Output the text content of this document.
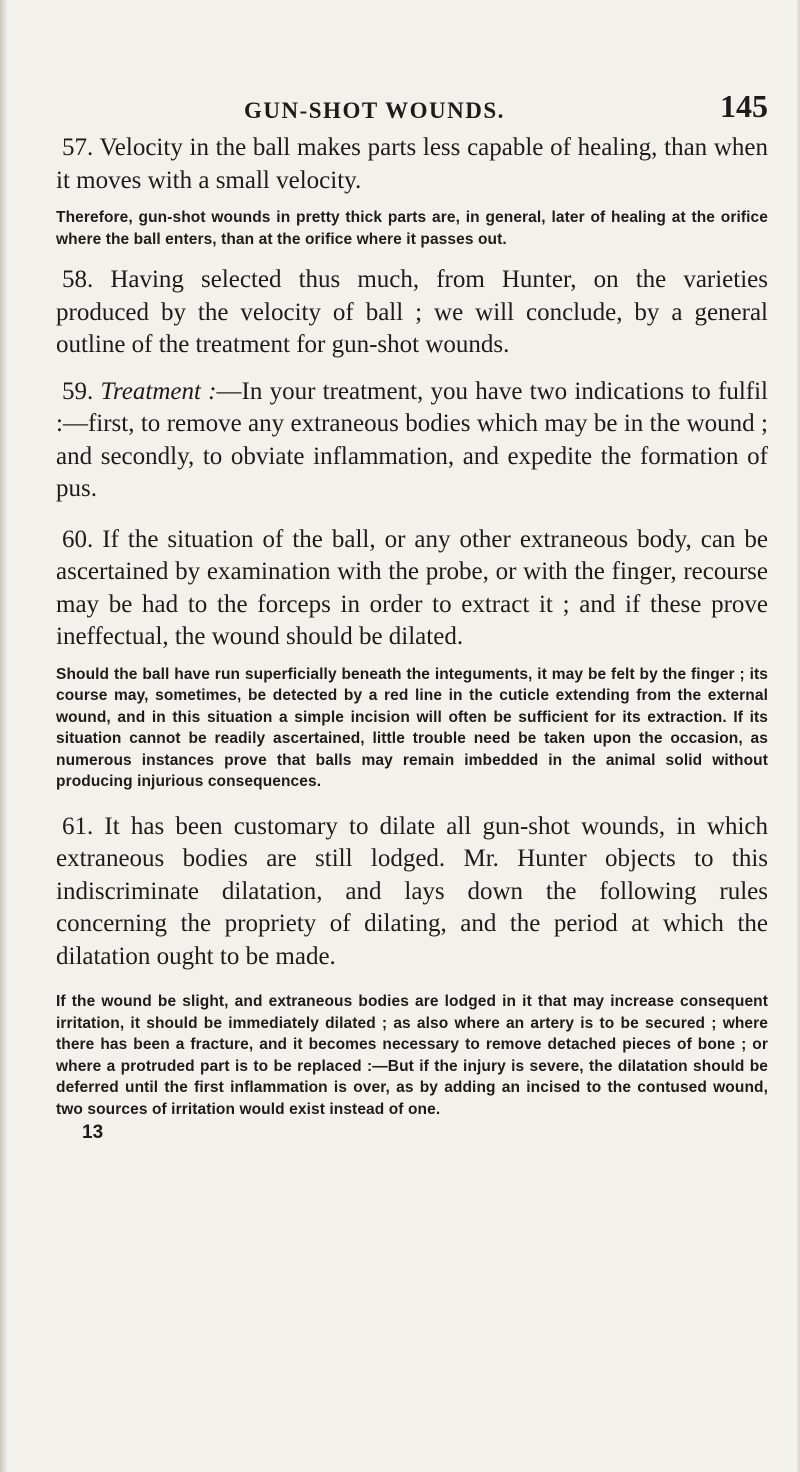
GUN-SHOT WOUNDS.	145

57. Velocity in the ball makes parts less capable of healing, than when it moves with a small velocity.

Therefore, gun-shot wounds in pretty thick parts are, in general, later of healing at the orifice where the ball enters, than at the orifice where it passes out.

58. Having selected thus much, from Hunter, on the varieties produced by the velocity of ball ; we will conclude, by a general outline of the treatment for gun-shot wounds.

59. Treatment :—In your treatment, you have two indications to fulfil :—first, to remove any extraneous bodies which may be in the wound ; and secondly, to obviate inflammation, and expedite the formation of pus.

60. If the situation of the ball, or any other extraneous body, can be ascertained by examination with the probe, or with the finger, recourse may be had to the forceps in order to extract it ; and if these prove ineffectual, the wound should be dilated.

Should the ball have run superficially beneath the integuments, it may be felt by the finger ; its course may, sometimes, be detected by a red line in the cuticle extending from the external wound, and in this situation a simple incision will often be sufficient for its extraction. If its situation cannot be readily ascertained, little trouble need be taken upon the occasion, as numerous instances prove that balls may remain imbedded in the animal solid without producing injurious consequences.

61. It has been customary to dilate all gun-shot wounds, in which extraneous bodies are still lodged. Mr. Hunter objects to this indiscriminate dilatation, and lays down the following rules concerning the propriety of dilating, and the period at which the dilatation ought to be made.

If the wound be slight, and extraneous bodies are lodged in it that may increase consequent irritation, it should be immediately dilated ; as also where an artery is to be secured ; where there has been a fracture, and it becomes necessary to remove detached pieces of bone ; or where a protruded part is to be replaced :—But if the injury is severe, the dilatation should be deferred until the first inflammation is over, as by adding an incised to the contused wound, two sources of irritation would exist instead of one.

13
